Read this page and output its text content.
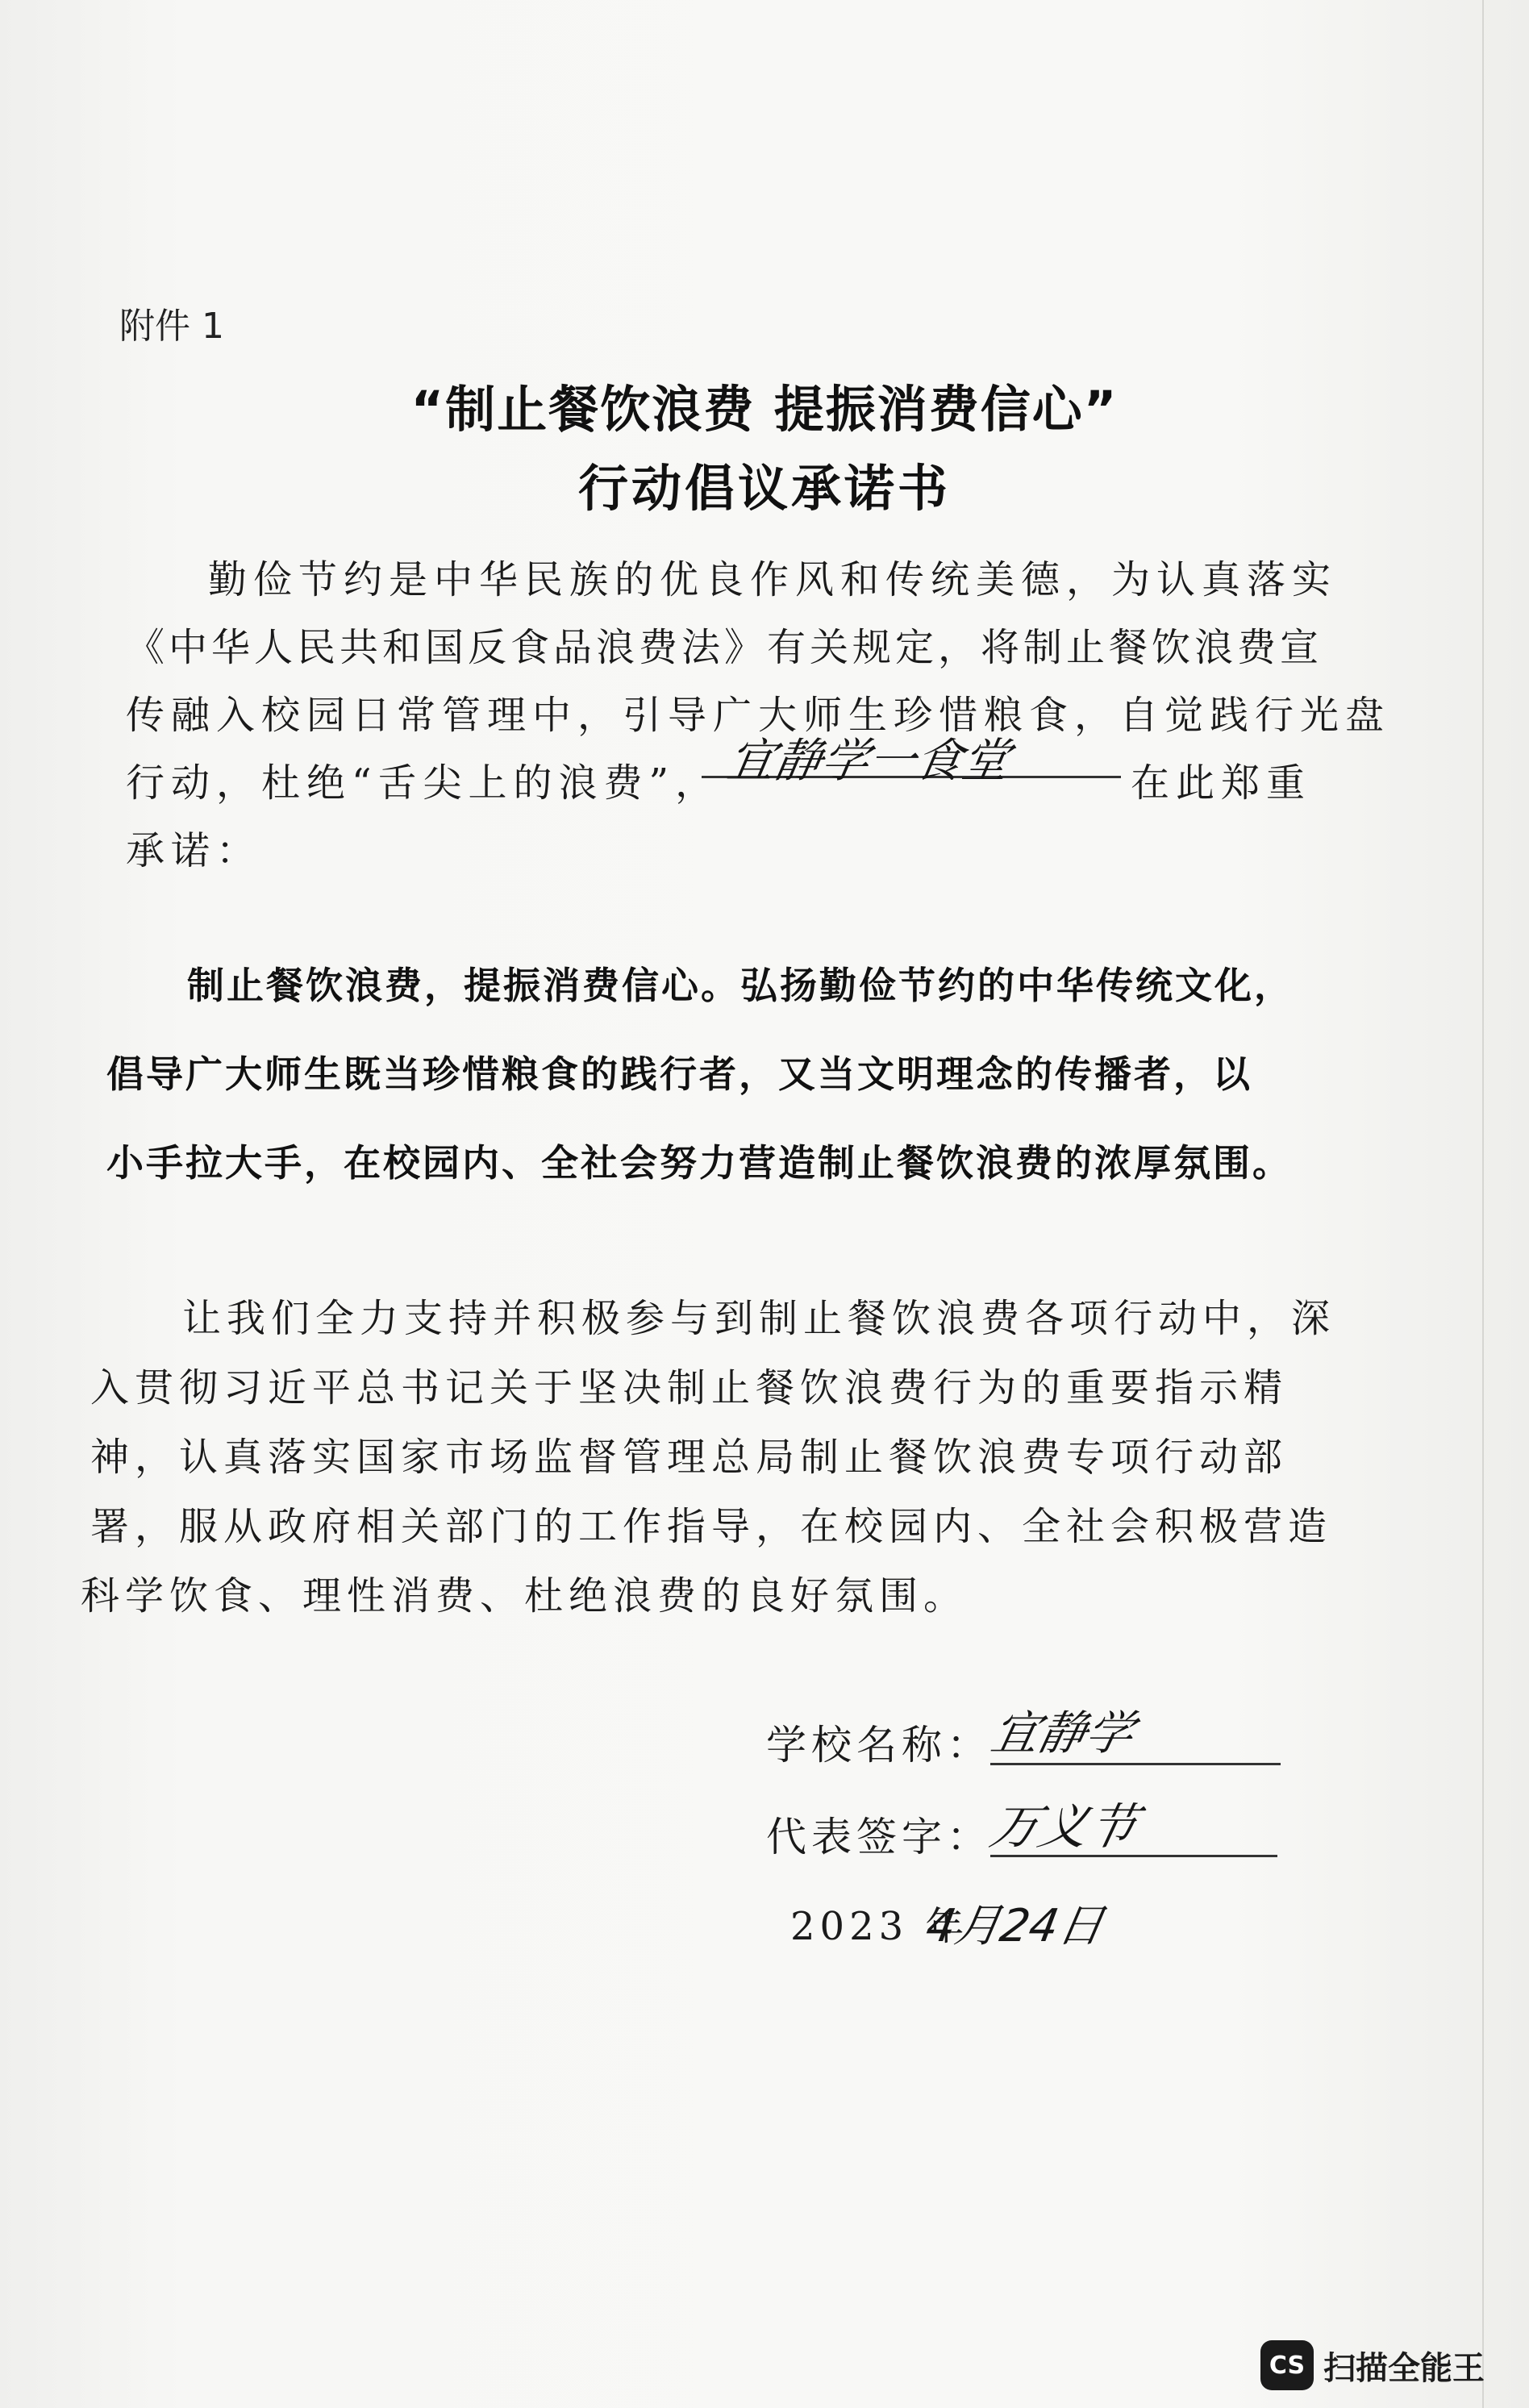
附件 1
“制止餐饮浪费 提振消费信心”
行动倡议承诺书
勤俭节约是中华民族的优良作风和传统美德，为认真落实
《中华人民共和国反食品浪费法》有关规定，将制止餐饮浪费宣
传融入校园日常管理中，引导广大师生珍惜粮食，自觉践行光盘
行动，杜绝“舌尖上的浪费”， 宜静学一食堂	在此郑重
承诺：
制止餐饮浪费，提振消费信心。弘扬勤俭节约的中华传统文化，
倡导广大师生既当珍惜粮食的践行者，又当文明理念的传播者，以
小手拉大手，在校园内、全社会努力营造制止餐饮浪费的浓厚氛围。
让我们全力支持并积极参与到制止餐饮浪费各项行动中，深
入贯彻习近平总书记关于坚决制止餐饮浪费行为的重要指示精
神，认真落实国家市场监督管理总局制止餐饮浪费专项行动部
署，服从政府相关部门的工作指导，在校园内、全社会积极营造
科学饮食、理性消费、杜绝浪费的良好氛围。
学校名称：
宜静学
代表签字：
万义节
2023 年
4月24日
CS 扫描全能王
